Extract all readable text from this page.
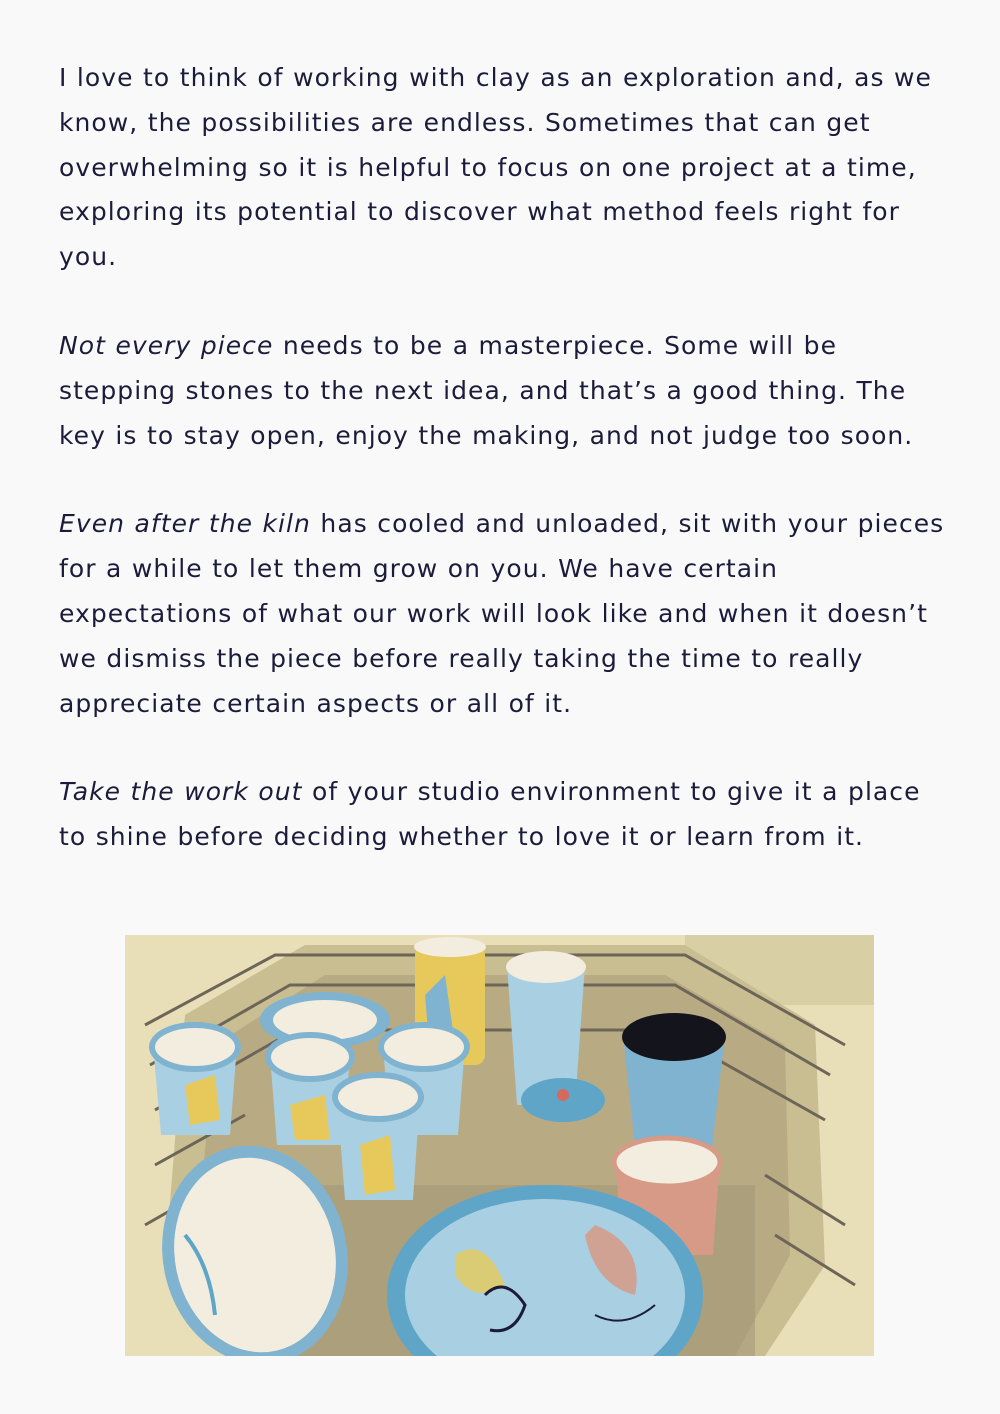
I love to think of working with clay as an exploration and, as we know, the possibilities are endless. Sometimes that can get overwhelming so it is helpful to focus on one project at a time, exploring its potential to discover what method feels right for you.

Not every piece needs to be a masterpiece. Some will be stepping stones to the next idea, and that’s a good thing. The key is to stay open, enjoy the making, and not judge too soon.

Even after the kiln has cooled and unloaded, sit with your pieces for a while to let them grow on you. We have certain expectations of what our work will look like and when it doesn’t we dismiss the piece before really taking the time to really appreciate certain aspects or all of it.

Take the work out of your studio environment to give it a place to shine before deciding whether to love it or learn from it.
